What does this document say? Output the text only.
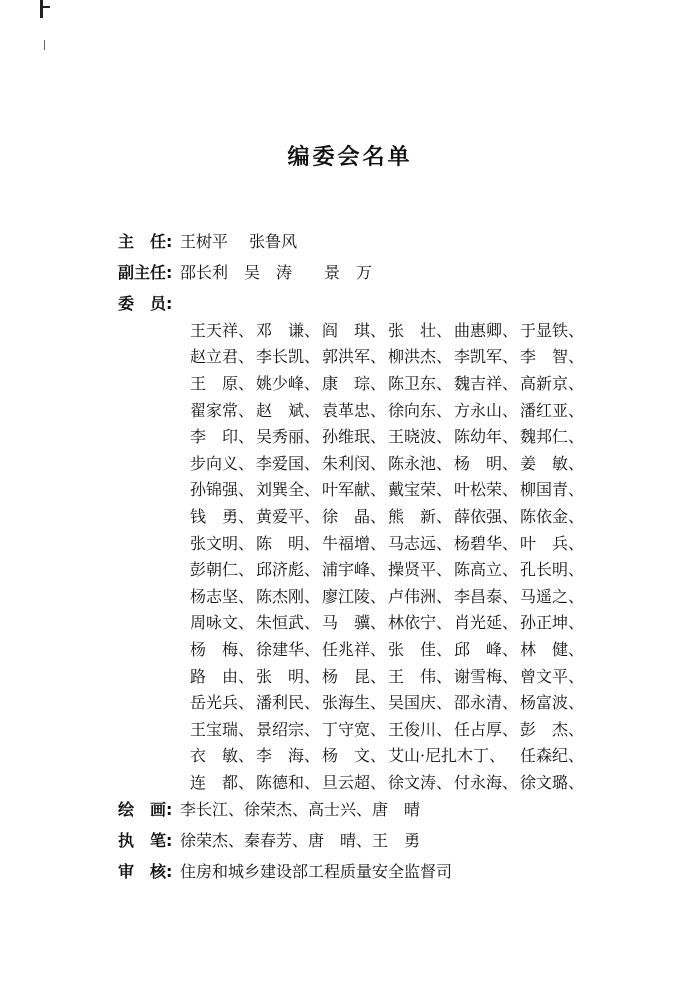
编委会名单
主　任: 王树平　 张鲁风
副主任: 邵长利　吴　涛　　景　万
委　员:
王天祥、 邓　谦、 阎　琪、 张　壮、 曲惠卿、 于显铁、
赵立君、 李长凯、 郭洪军、 柳洪杰、 李凯军、 李　智、
王　原、 姚少峰、 康　琮、 陈卫东、 魏吉祥、 高新京、
翟家常、 赵　斌、 袁革忠、 徐向东、 方永山、 潘红亚、
李　印、 吴秀丽、 孙维珉、 王晓波、 陈幼年、 魏邦仁、
步向义、 李爱国、 朱利闵、 陈永池、 杨　明、 姜　敏、
孙锦强、 刘巽全、 叶军献、 戴宝荣、 叶松荣、 柳国青、
钱　勇、 黄爱平、 徐　晶、 熊　新、 薛依强、 陈依金、
张文明、 陈　明、 牛福增、 马志远、 杨碧华、 叶　兵、
彭朝仁、 邱济彪、 浦宇峰、 操贤平、 陈高立、 孔长明、
杨志坚、 陈杰刚、 廖江陵、 卢伟洲、 李昌泰、 马遥之、
周咏文、 朱恒武、 马　骥、 林依宁、 肖光延、 孙正坤、
杨　梅、 徐建华、 任兆祥、 张　佳、 邱　峰、 林　健、
路　由、 张　明、 杨　昆、 王　伟、 谢雪梅、 曾文平、
岳光兵、 潘利民、 张海生、 吴国庆、 邵永清、 杨富波、
王宝瑞、 景绍宗、 丁守宽、 王俊川、 任占厚、 彭　杰、
衣　敏、 李　海、 杨　文、 艾山·尼扎木丁、 任森纪、
连　都、 陈德和、 旦云超、 徐文涛、 付永海、 徐文璐、
绘　画: 李长江、徐荣杰、高士兴、唐　晴
执　笔: 徐荣杰、秦春芳、唐　晴、王　勇
审　核: 住房和城乡建设部工程质量安全监督司
